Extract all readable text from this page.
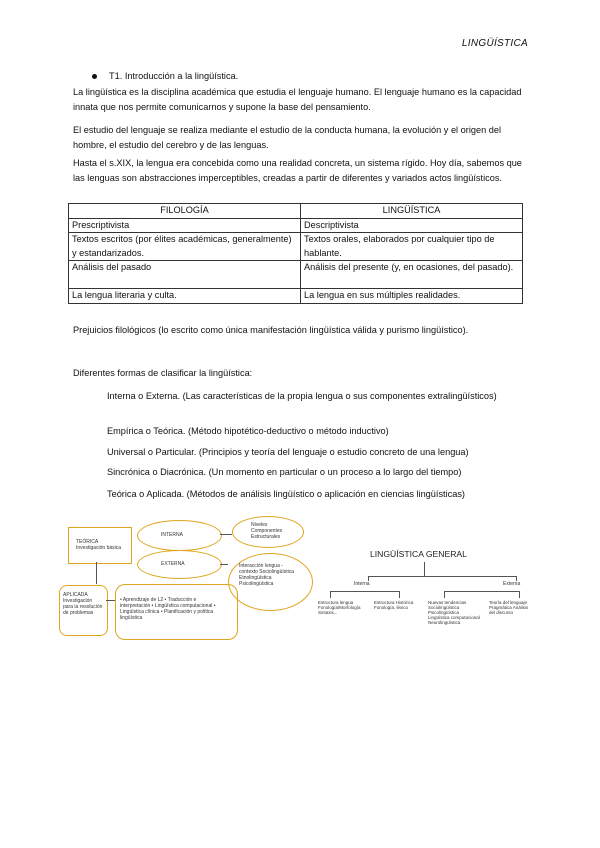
LINGÜÍSTICA
T1. Introducción a la lingüística.
La lingüística es la disciplina académica que estudia el lenguaje humano. El lenguaje humano es la capacidad innata que nos permite comunicarnos y supone la base del pensamiento.
El estudio del lenguaje se realiza mediante el estudio de la conducta humana, la evolución y el origen del hombre, el estudio del cerebro y de las lenguas.
Hasta el s.XIX, la lengua era concebida como una realidad concreta, un sistema rígido. Hoy día, sabemos que las lenguas son abstracciones imperceptibles, creadas a partir de diferentes y variados actos lingüísticos.
FILOLOGÍA	LINGÜÍSTICA
Prescriptivista	Descriptivista
Textos escritos (por élites académicas, generalmente) y estandarizados.	Textos orales, elaborados por cualquier tipo de hablante.
Análisis del pasado	Análisis del presente (y, en ocasiones, del pasado).
La lengua literaria y culta.	La lengua en sus múltiples realidades.
Prejuicios filológicos (lo escrito como única manifestación lingüística válida y purismo lingüístico).
Diferentes formas de clasificar la lingüística:
Interna o Externa. (Las características de la propia lengua o sus componentes extralingüísticos)
Empírica o Teórica. (Método hipotético-deductivo o método inductivo)
Universal o Particular. (Principios y teoría del lenguaje o estudio concreto de una lengua)
Sincrónica o Diacrónica. (Un momento en particular o un proceso a lo largo del tiempo)
Teórica o Aplicada. (Métodos de análisis lingüístico o aplicación en ciencias lingüísticas)
TEÓRICA Investigación básica
APLICADA Investigación para la resolución de problemas
• Aprendizaje de L2 • Traducción e interpretación • Lingüística computacional • Lingüística clínica • Planificación y política lingüística
INTERNA
EXTERNA
Niveles Componentes Estructurales
Interacción lengua - contexto Sociolingüística Etnolingüística Psicolingüística
LINGÜÍSTICA GENERAL
Interna	Externa
Estructura lengua Fonología/Morfología Sintaxis...
Estructura Histórica Fonología, léxico
Nuevas tendencias Sociolingüística Psicolingüística Lingüística computacional Neurolingüística
Teoría del lenguaje Pragmática Análisis del discurso
